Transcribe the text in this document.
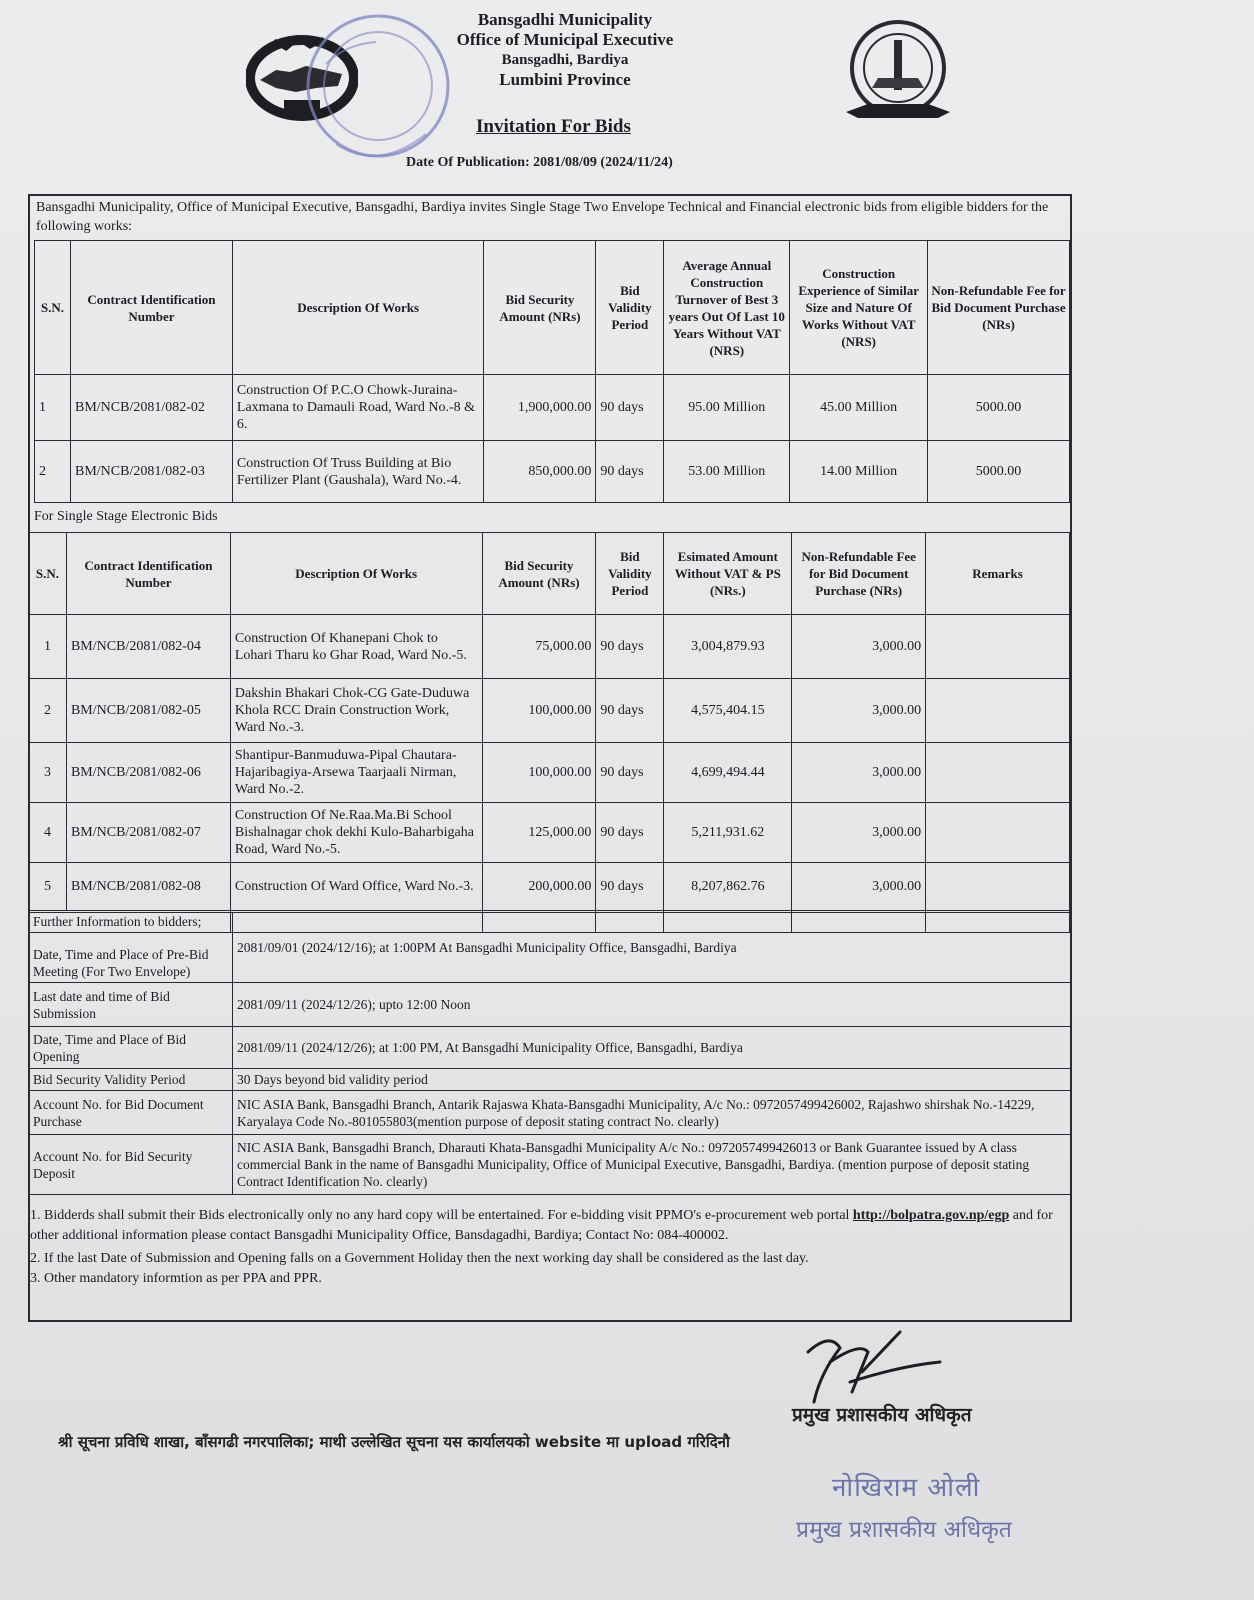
Bansgadhi Municipality
Office of Municipal Executive
Bansgadhi, Bardiya
Lumbini Province
Invitation For Bids
Date Of Publication: 2081/08/09 (2024/11/24)
Bansgadhi Municipality, Office of Municipal Executive, Bansgadhi, Bardiya invites Single Stage Two Envelope Technical and Financial electronic bids from eligible bidders for the following works:
S.N.	Contract Identification Number	Description Of Works	Bid Security Amount (NRs)	Bid Validity Period	Average Annual Construction Turnover of Best 3 years Out Of Last 10 Years Without VAT (NRS)	Construction Experience of Similar Size and Nature Of Works Without VAT (NRS)	Non-Refundable Fee for Bid Document Purchase (NRs)
1	BM/NCB/2081/082-02	Construction Of P.C.O Chowk-Juraina-Laxmana to Damauli Road, Ward No.-8 & 6.	1,900,000.00	90 days	95.00 Million	45.00 Million	5000.00
2	BM/NCB/2081/082-03	Construction Of Truss Building at Bio Fertilizer Plant (Gaushala), Ward No.-4.	850,000.00	90 days	53.00 Million	14.00 Million	5000.00
For Single Stage Electronic Bids
S.N.	Contract Identification Number	Description Of Works	Bid Security Amount (NRs)	Bid Validity Period	Esimated Amount Without VAT & PS (NRs.)	Non-Refundable Fee for Bid Document Purchase (NRs)	Remarks
1	BM/NCB/2081/082-04	Construction Of Khanepani Chok to Lohari Tharu ko Ghar Road, Ward No.-5.	75,000.00	90 days	3,004,879.93	3,000.00	
2	BM/NCB/2081/082-05	Dakshin Bhakari Chok-CG Gate-Duduwa Khola RCC Drain Construction Work, Ward No.-3.	100,000.00	90 days	4,575,404.15	3,000.00	
3	BM/NCB/2081/082-06	Shantipur-Banmuduwa-Pipal Chautara-Hajaribagiya-Arsewa Taarjaali Nirman, Ward No.-2.	100,000.00	90 days	4,699,494.44	3,000.00	
4	BM/NCB/2081/082-07	Construction Of Ne.Raa.Ma.Bi School Bishalnagar chok dekhi Kulo-Baharbigaha Road, Ward No.-5.	125,000.00	90 days	5,211,931.62	3,000.00	
5	BM/NCB/2081/082-08	Construction Of Ward Office, Ward No.-3.	200,000.00	90 days	8,207,862.76	3,000.00	
Further Information to bidders;							
Date, Time and Place of Pre-Bid Meeting (For Two Envelope)	2081/09/01 (2024/12/16); at 1:00PM At Bansgadhi Municipality Office, Bansgadhi, Bardiya
Last date and time of Bid Submission	2081/09/11 (2024/12/26); upto 12:00 Noon
Date, Time and Place of Bid Opening	2081/09/11 (2024/12/26); at 1:00 PM, At Bansgadhi Municipality Office, Bansgadhi, Bardiya
Bid Security Validity Period	30 Days beyond bid validity period
Account No. for Bid Document Purchase	NIC ASIA Bank, Bansgadhi Branch, Antarik Rajaswa Khata-Bansgadhi Municipality, A/c No.: 0972057499426002, Rajashwo shirshak No.-14229, Karyalaya Code No.-801055803(mention purpose of deposit stating contract No. clearly)
Account No. for Bid Security Deposit	NIC ASIA Bank, Bansgadhi Branch, Dharauti Khata-Bansgadhi Municipality A/c No.: 0972057499426013 or Bank Guarantee issued by A class commercial Bank in the name of Bansgadhi Municipality, Office of Municipal Executive, Bansgadhi, Bardiya. (mention purpose of deposit stating Contract Identification No. clearly)
1. Bidderds shall submit their Bids electronically only no any hard copy will be entertained. For e-bidding visit PPMO's e-procurement web portal http://bolpatra.gov.np/egp and for other additional information please contact Bansgadhi Municipality Office, Bansdagadhi, Bardiya; Contact No: 084-400002.
2. If the last Date of Submission and Opening falls on a Government Holiday then the next working day shall be considered as the last day.
3. Other mandatory informtion as per PPA and PPR.
प्रमुख प्रशासकीय अधिकृत
श्री सूचना प्रविधि शाखा, बाँसगढी नगरपालिका; माथी उल्लेखित सूचना यस कार्यालयको website मा upload गरिदिनौ
नोखिराम ओली
प्रमुख प्रशासकीय अधिकृत
